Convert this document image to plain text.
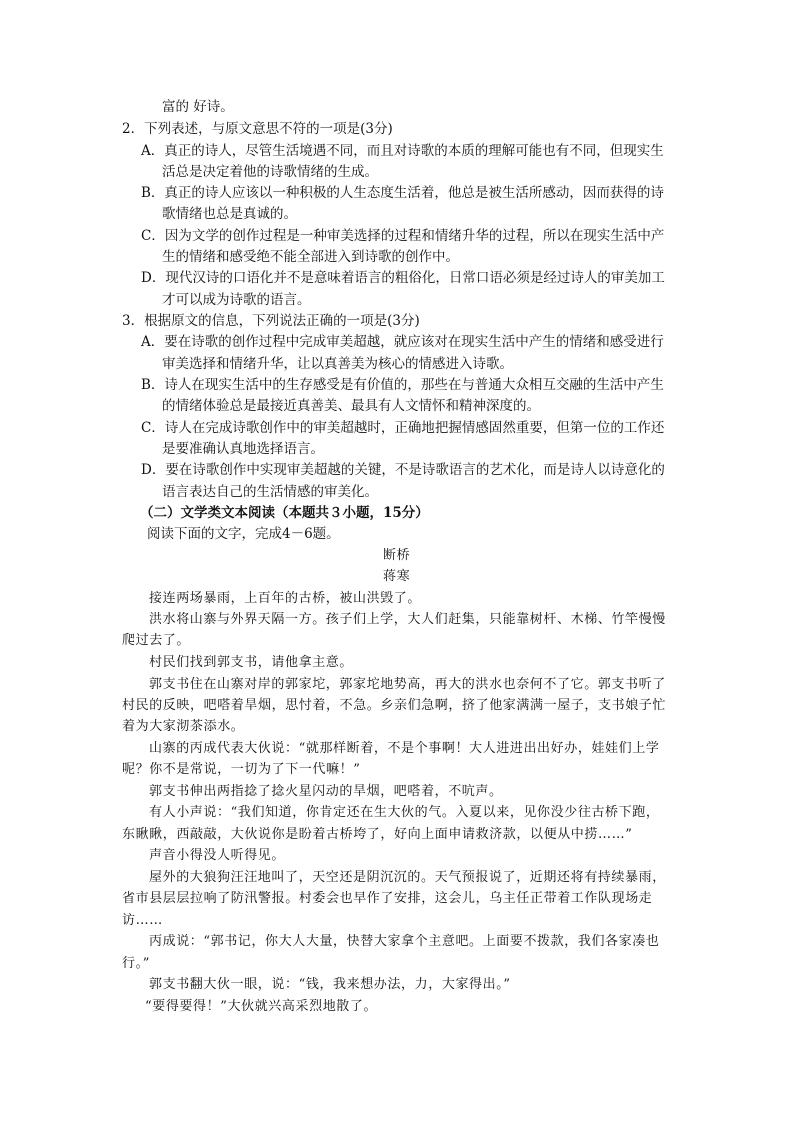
富的 好诗。
2．下列表述，与原文意思不符的一项是(3分)
A．真正的诗人，尽管生活境遇不同，而且对诗歌的本质的理解可能也有不同，但现实生
活总是决定着他的诗歌情绪的生成。
B．真正的诗人应该以一种积极的人生态度生活着，他总是被生活所感动，因而获得的诗
歌情绪也总是真诚的。
C．因为文学的创作过程是一种审美选择的过程和情绪升华的过程，所以在现实生活中产
生的情绪和感受绝不能全部进入到诗歌的创作中。
D．现代汉诗的口语化并不是意味着语言的粗俗化，日常口语必须是经过诗人的审美加工
才可以成为诗歌的语言。
3．根据原文的信息，下列说法正确的一项是(3分)
A．要在诗歌的创作过程中完成审美超越，就应该对在现实生活中产生的情绪和感受进行
审美选择和情绪升华，让以真善美为核心的情感进入诗歌。
B．诗人在现实生活中的生存感受是有价值的，那些在与普通大众相互交融的生活中产生
的情绪体验总是最接近真善美、最具有人文情怀和精神深度的。
C．诗人在完成诗歌创作中的审美超越时，正确地把握情感固然重要，但第一位的工作还
是要准确认真地选择语言。
D．要在诗歌创作中实现审美超越的关键，不是诗歌语言的艺术化，而是诗人以诗意化的
语言表达自己的生活情感的审美化。
（二）文学类文本阅读（本题共３小题，15分）
阅读下面的文字，完成4－6题。
断桥
蒋寒
接连两场暴雨，上百年的古桥，被山洪毁了。
洪水将山寨与外界天隔一方。孩子们上学，大人们赶集，只能靠树杆、木梯、竹竿慢慢
爬过去了。
村民们找到郭支书，请他拿主意。
郭支书住在山寨对岸的郭家坨，郭家坨地势高，再大的洪水也奈何不了它。郭支书听了
村民的反映，吧嗒着旱烟，思忖着，不急。乡亲们急啊，挤了他家满满一屋子，支书娘子忙
着为大家沏茶添水。
山寨的丙成代表大伙说：“就那样断着，不是个事啊！大人进进出出好办，娃娃们上学
呢？你不是常说，一切为了下一代嘛！”
郭支书伸出两指捻了捻火星闪动的旱烟，吧嗒着，不吭声。
有人小声说：“我们知道，你肯定还在生大伙的气。入夏以来，见你没少往古桥下跑，
东瞅瞅，西敲敲，大伙说你是盼着古桥垮了，好向上面申请救济款，以便从中捞……”
声音小得没人听得见。
屋外的大狼狗汪汪地叫了，天空还是阴沉沉的。天气预报说了，近期还将有持续暴雨，
省市县层层拉响了防汛警报。村委会也早作了安排，这会儿，乌主任正带着工作队现场走
访……
丙成说：“郭书记，你大人大量，快替大家拿个主意吧。上面要不拨款，我们各家凑也
行。”
郭支书翻大伙一眼，说：“钱，我来想办法，力，大家得出。”
“要得要得！”大伙就兴高采烈地散了。
